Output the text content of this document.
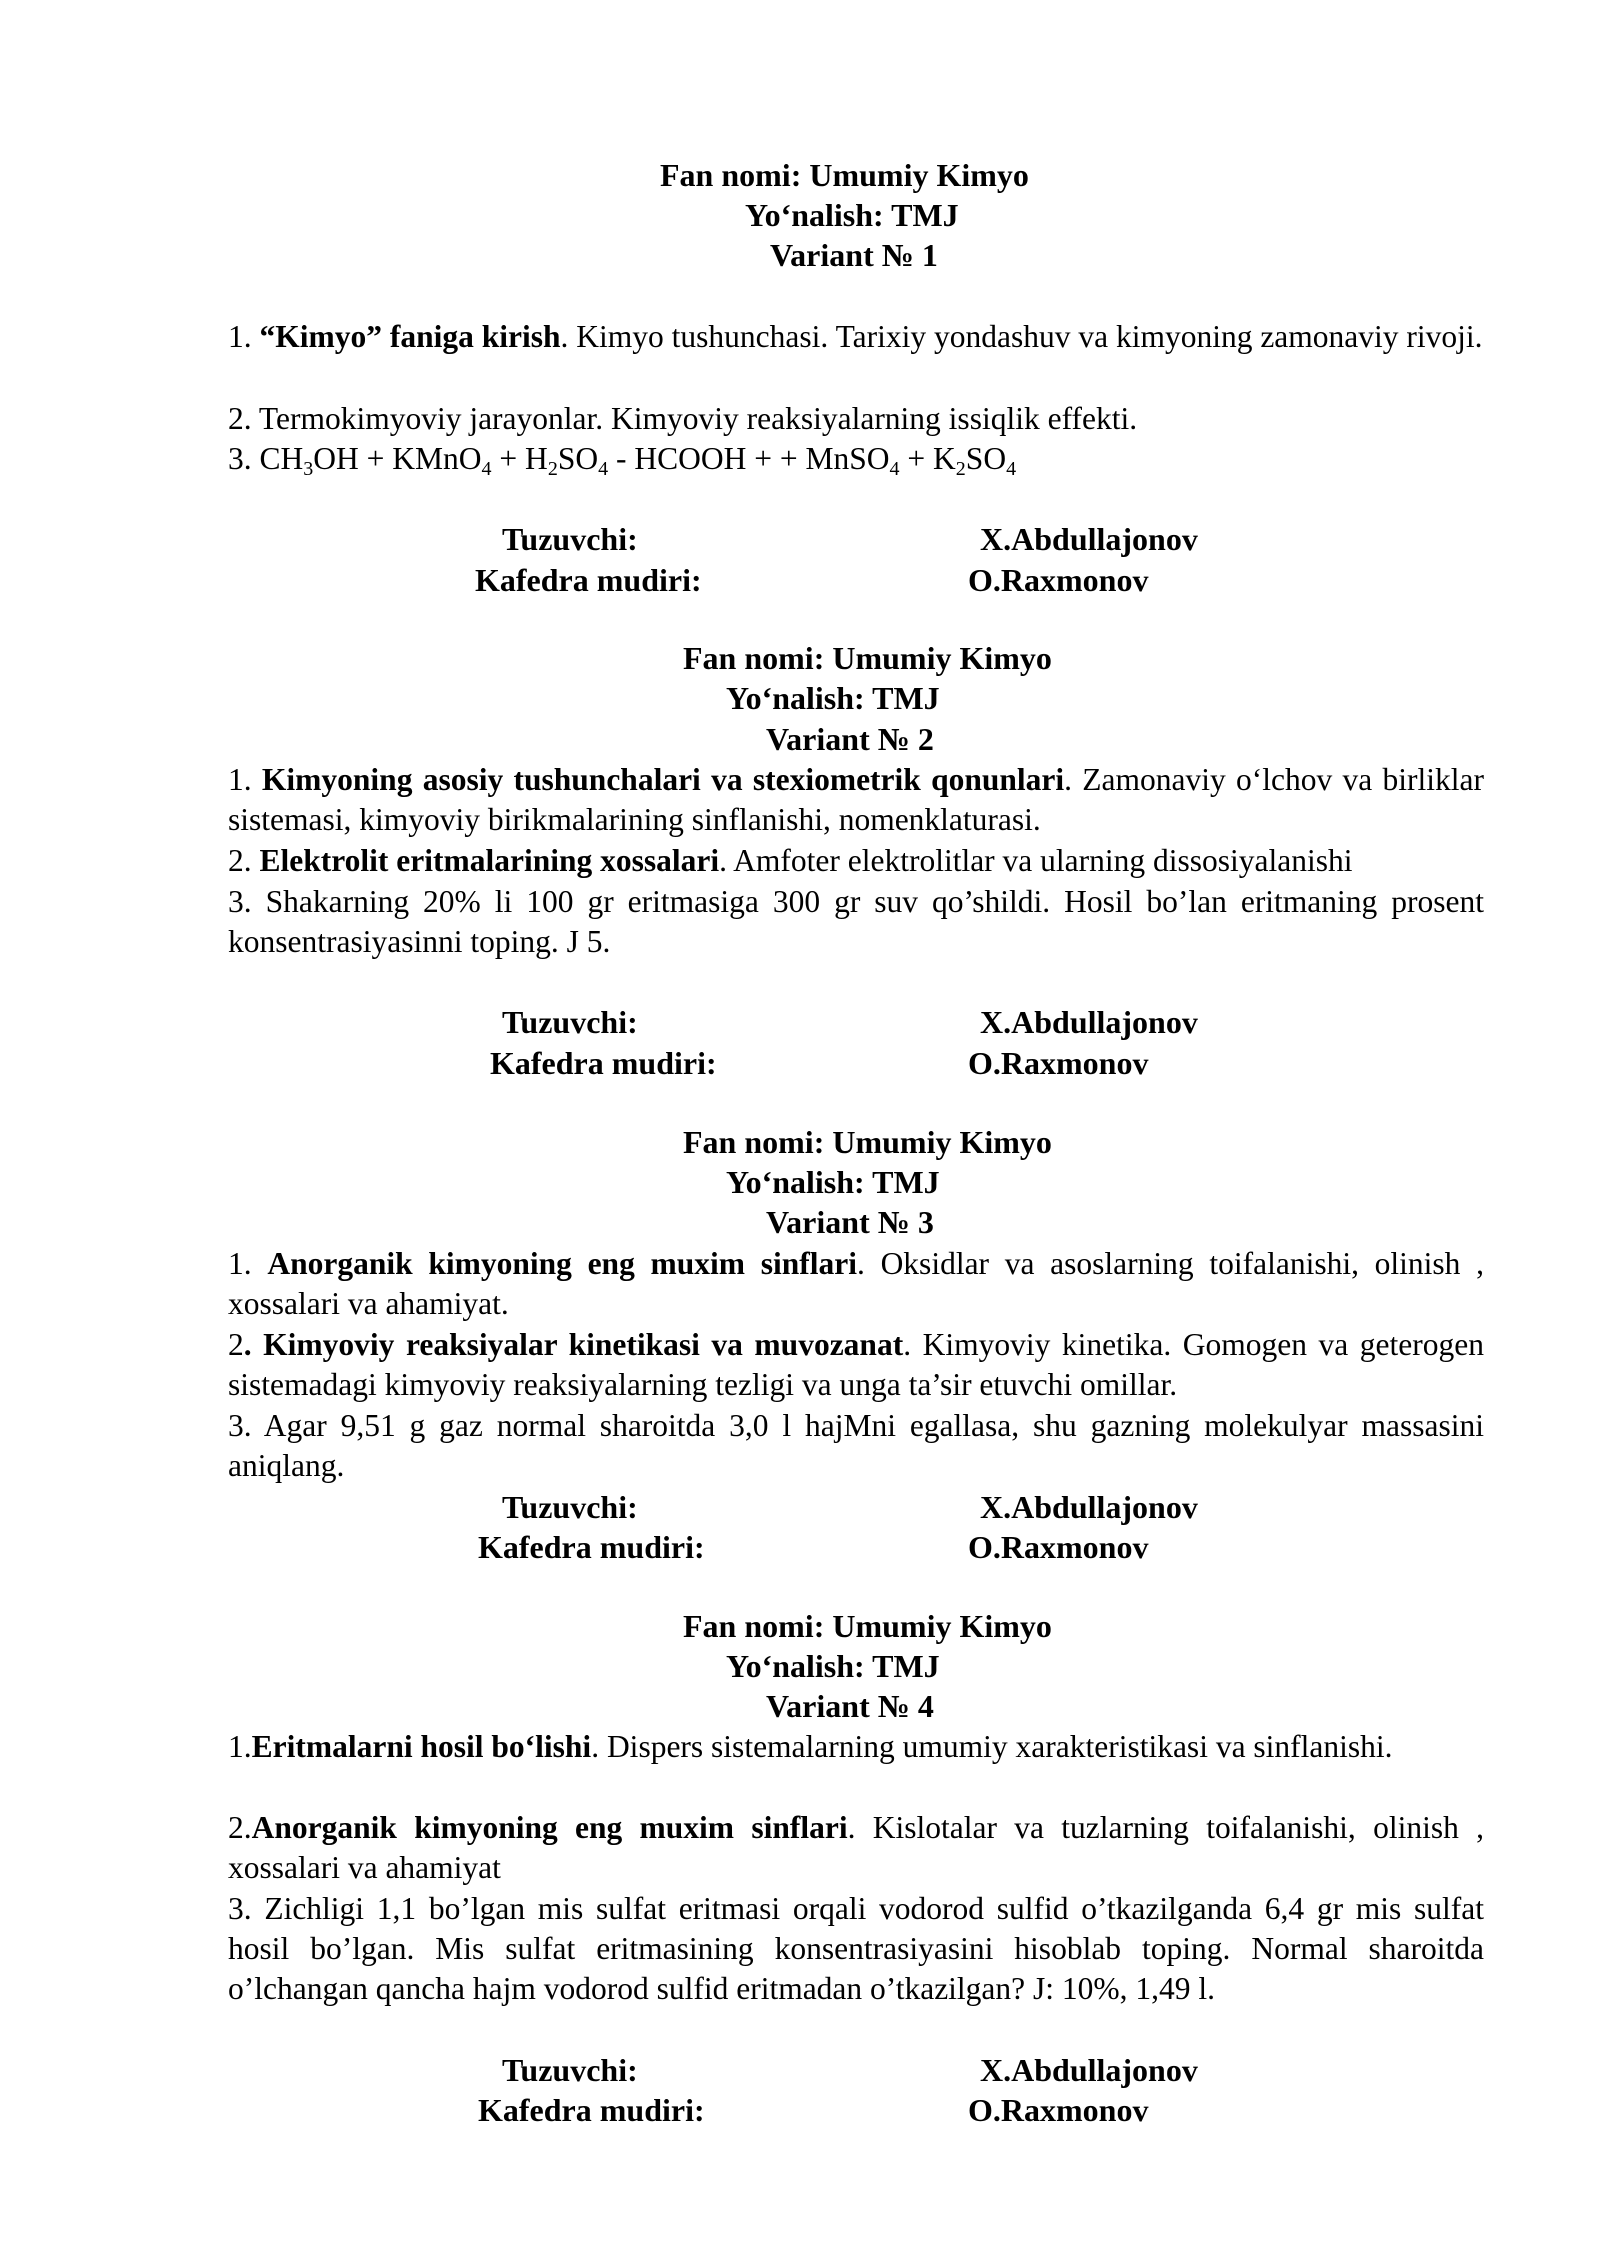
Fan nomi: Umumiy Kimyo
Yo‘nalish: TMJ
Variant № 1
1. “Kimyo” faniga kirish. Kimyo tushunchasi. Tarixiy yondashuv va kimyoning zamonaviy rivoji.
2. Termokimyoviy jarayonlar. Kimyoviy reaksiyalarning issiqlik effekti.
3. $CH_3OH$ + KMnO$_4$ + $H_2SO_4$ - HCOOH + + MnSO$_4$ + $K_2SO_4$
Tuzuvchi:	X.Abdullajonov
Kafedra mudiri:	O.Raxmonov
Fan nomi: Umumiy Kimyo
Yo‘nalish: TMJ
Variant № 2
1. Kimyoning asosiy tushunchalari va stexiometrik qonunlari. Zamonaviy o‘lchov va birliklar sistemasi, kimyoviy birikmalarining sinflanishi, nomenklaturasi.
2. Elektrolit eritmalarining xossalari. Amfoter elektrolitlar va ularning dissosiyalanishi
3. Shakarning 20% li 100 gr eritmasiga 300 gr suv qo’shildi. Hosil bo’lan eritmaning prosent konsentrasiyasinni toping. J 5.
Tuzuvchi:	X.Abdullajonov
Kafedra mudiri:	O.Raxmonov
Fan nomi: Umumiy Kimyo
Yo‘nalish: TMJ
Variant № 3
1. Anorganik kimyoning eng muxim sinflari. Oksidlar va asoslarning toifalanishi, olinish , xossalari va ahamiyat.
2. Kimyoviy reaksiyalar kinetikasi va muvozanat. Kimyoviy kinetika. Gomogen va geterogen sistemadagi kimyoviy reaksiyalarning tezligi va unga ta’sir etuvchi omillar.
3. Agar 9,51 g gaz normal sharoitda 3,0 l hajMni egallasa, shu gazning molekulyar massasini aniqlang.
Tuzuvchi:	X.Abdullajonov
Kafedra mudiri:	O.Raxmonov
Fan nomi: Umumiy Kimyo
Yo‘nalish: TMJ
Variant № 4
1.Eritmalarni hosil bo‘lishi. Dispers sistemalarning umumiy xarakteristikasi va sinflanishi.
2.Anorganik kimyoning eng muxim sinflari. Kislotalar va tuzlarning toifalanishi, olinish , xossalari va ahamiyat
3. Zichligi 1,1 bo’lgan mis sulfat eritmasi orqali vodorod sulfid o’tkazilganda 6,4 gr mis sulfat hosil bo’lgan. Mis sulfat eritmasining konsentrasiyasini hisoblab toping. Normal sharoitda o’lchangan qancha hajm vodorod sulfid eritmadan o’tkazilgan? J: 10%, 1,49 l.
Tuzuvchi:	X.Abdullajonov
Kafedra mudiri:	O.Raxmonov
